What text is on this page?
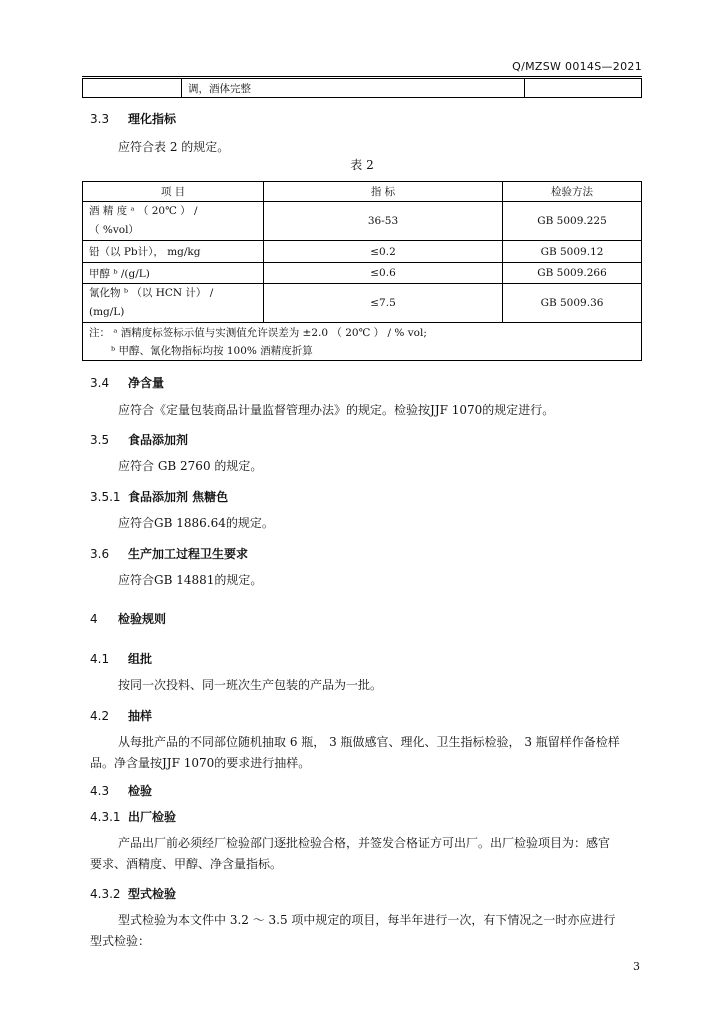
Q/MZSW 0014S—2021
	调，酒体完整	
3.3 理化指标
应符合表 2 的规定。
表 2
项 目	指 标	检验方法

酒 精 度 ᵃ （ 20℃ ） /
（ %vol）	36-53	GB 5009.225
铅（以 Pb计）， mg/kg	≤0.2	GB 5009.12
甲醇 ᵇ /(g/L)	≤0.6	GB 5009.266

氰化物 ᵇ （以 HCN 计） /
(mg/L)	≤7.5	GB 5009.36

注： ᵃ 酒精度标签标示值与实测值允许误差为 ±2.0 （ 20℃ ） / % vol;
ᵇ 甲醇、氰化物指标均按 100% 酒精度折算		
3.4 净含量
应符合《定量包装商品计量监督管理办法》的规定。检验按JJF 1070的规定进行。
3.5 食品添加剂
应符合 GB 2760 的规定。
3.5.1 食品添加剂 焦糖色
应符合GB 1886.64的规定。
3.6 生产加工过程卫生要求
应符合GB 14881的规定。
4 检验规则
4.1 组批
按同一次投料、同一班次生产包装的产品为一批。
4.2 抽样
从每批产品的不同部位随机抽取 6 瓶， 3 瓶做感官、理化、卫生指标检验， 3 瓶留样作备检样
品。净含量按JJF 1070的要求进行抽样。
4.3 检验
4.3.1 出厂检验
产品出厂前必须经厂检验部门逐批检验合格，并签发合格证方可出厂。出厂检验项目为：感官
要求、酒精度、甲醇、净含量指标。
4.3.2 型式检验
型式检验为本文件中 3.2 ～ 3.5 项中规定的项目，每半年进行一次，有下情况之一时亦应进行
型式检验：
3
